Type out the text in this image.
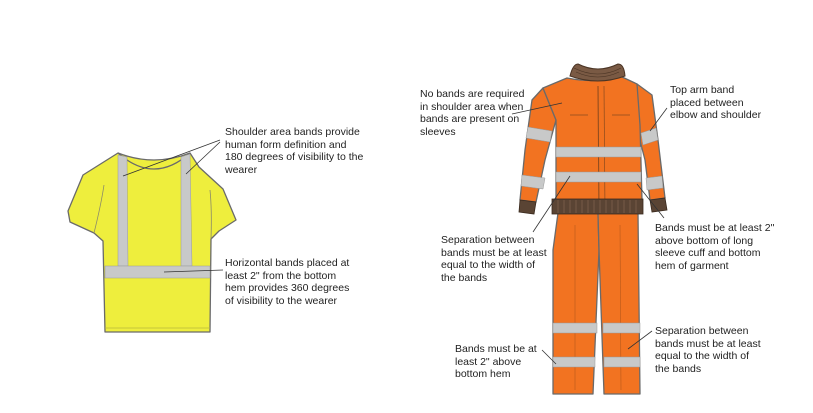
Shoulder area bands provide human form definition and 180 degrees of visibility to the wearer

Horizontal bands placed at least 2" from the bottom hem provides 360 degrees of visibility to the wearer

No bands are required in shoulder area when bands are present on sleeves

Top arm band placed between elbow and shoulder

Separation between bands must be at least equal to the width of the bands

Bands must be at least 2" above bottom of long sleeve cuff and bottom hem of garment

Bands must be at least 2" above bottom hem

Separation between bands must be at least equal to the width of the bands
